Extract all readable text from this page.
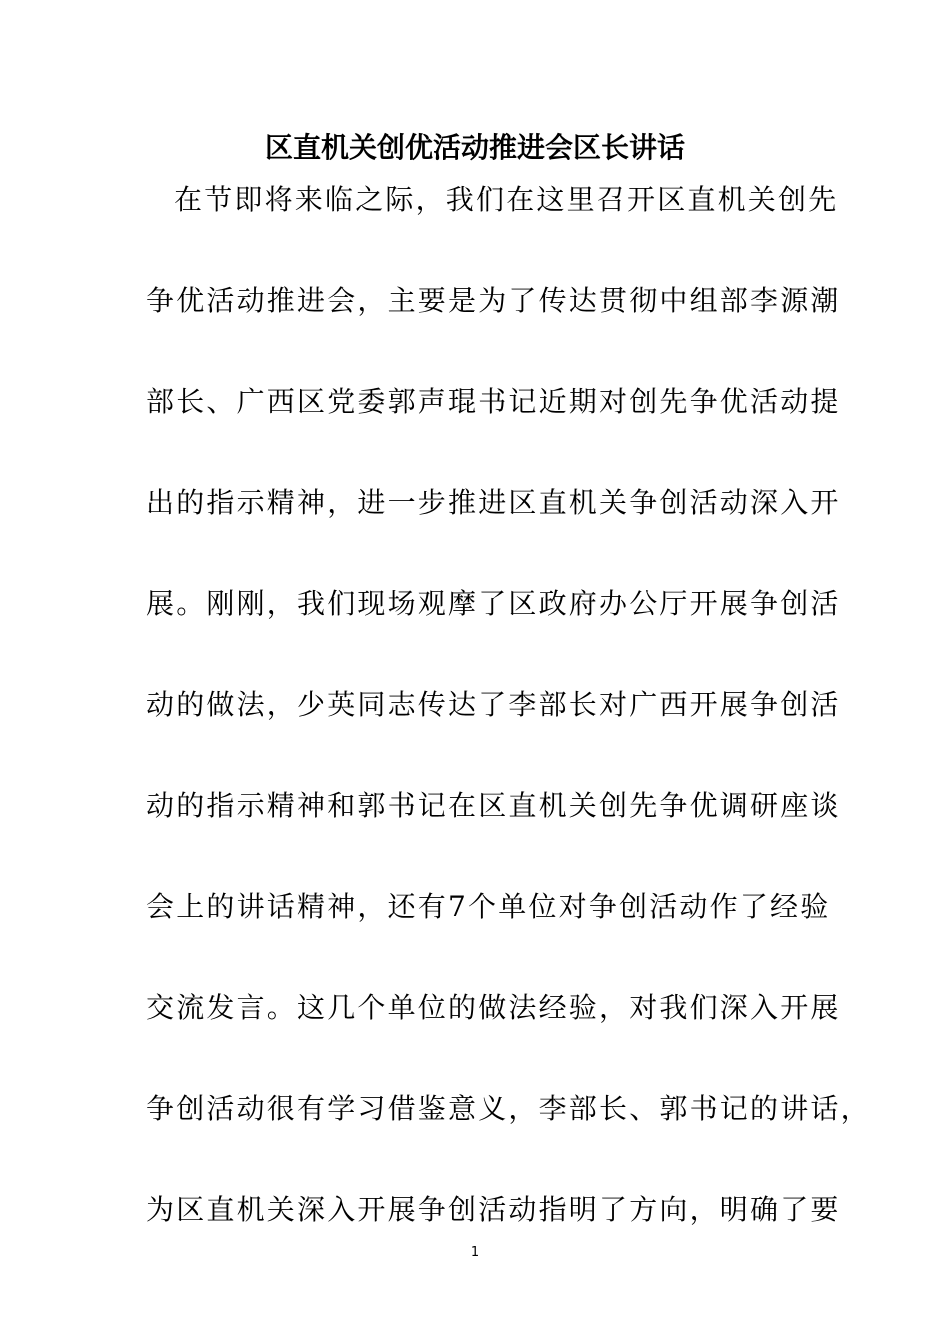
区直机关创优活动推进会区长讲话
在节即将来临之际，我们在这里召开区直机关创先
争优活动推进会，主要是为了传达贯彻中组部李源潮
部长、广西区党委郭声琨书记近期对创先争优活动提
出的指示精神，进一步推进区直机关争创活动深入开
展。刚刚，我们现场观摩了区政府办公厅开展争创活
动的做法，少英同志传达了李部长对广西开展争创活
动的指示精神和郭书记在区直机关创先争优调研座谈
会上的讲话精神，还有7个单位对争创活动作了经验
交流发言。这几个单位的做法经验，对我们深入开展
争创活动很有学习借鉴意义，李部长、郭书记的讲话，
为区直机关深入开展争创活动指明了方向，明确了要
1
